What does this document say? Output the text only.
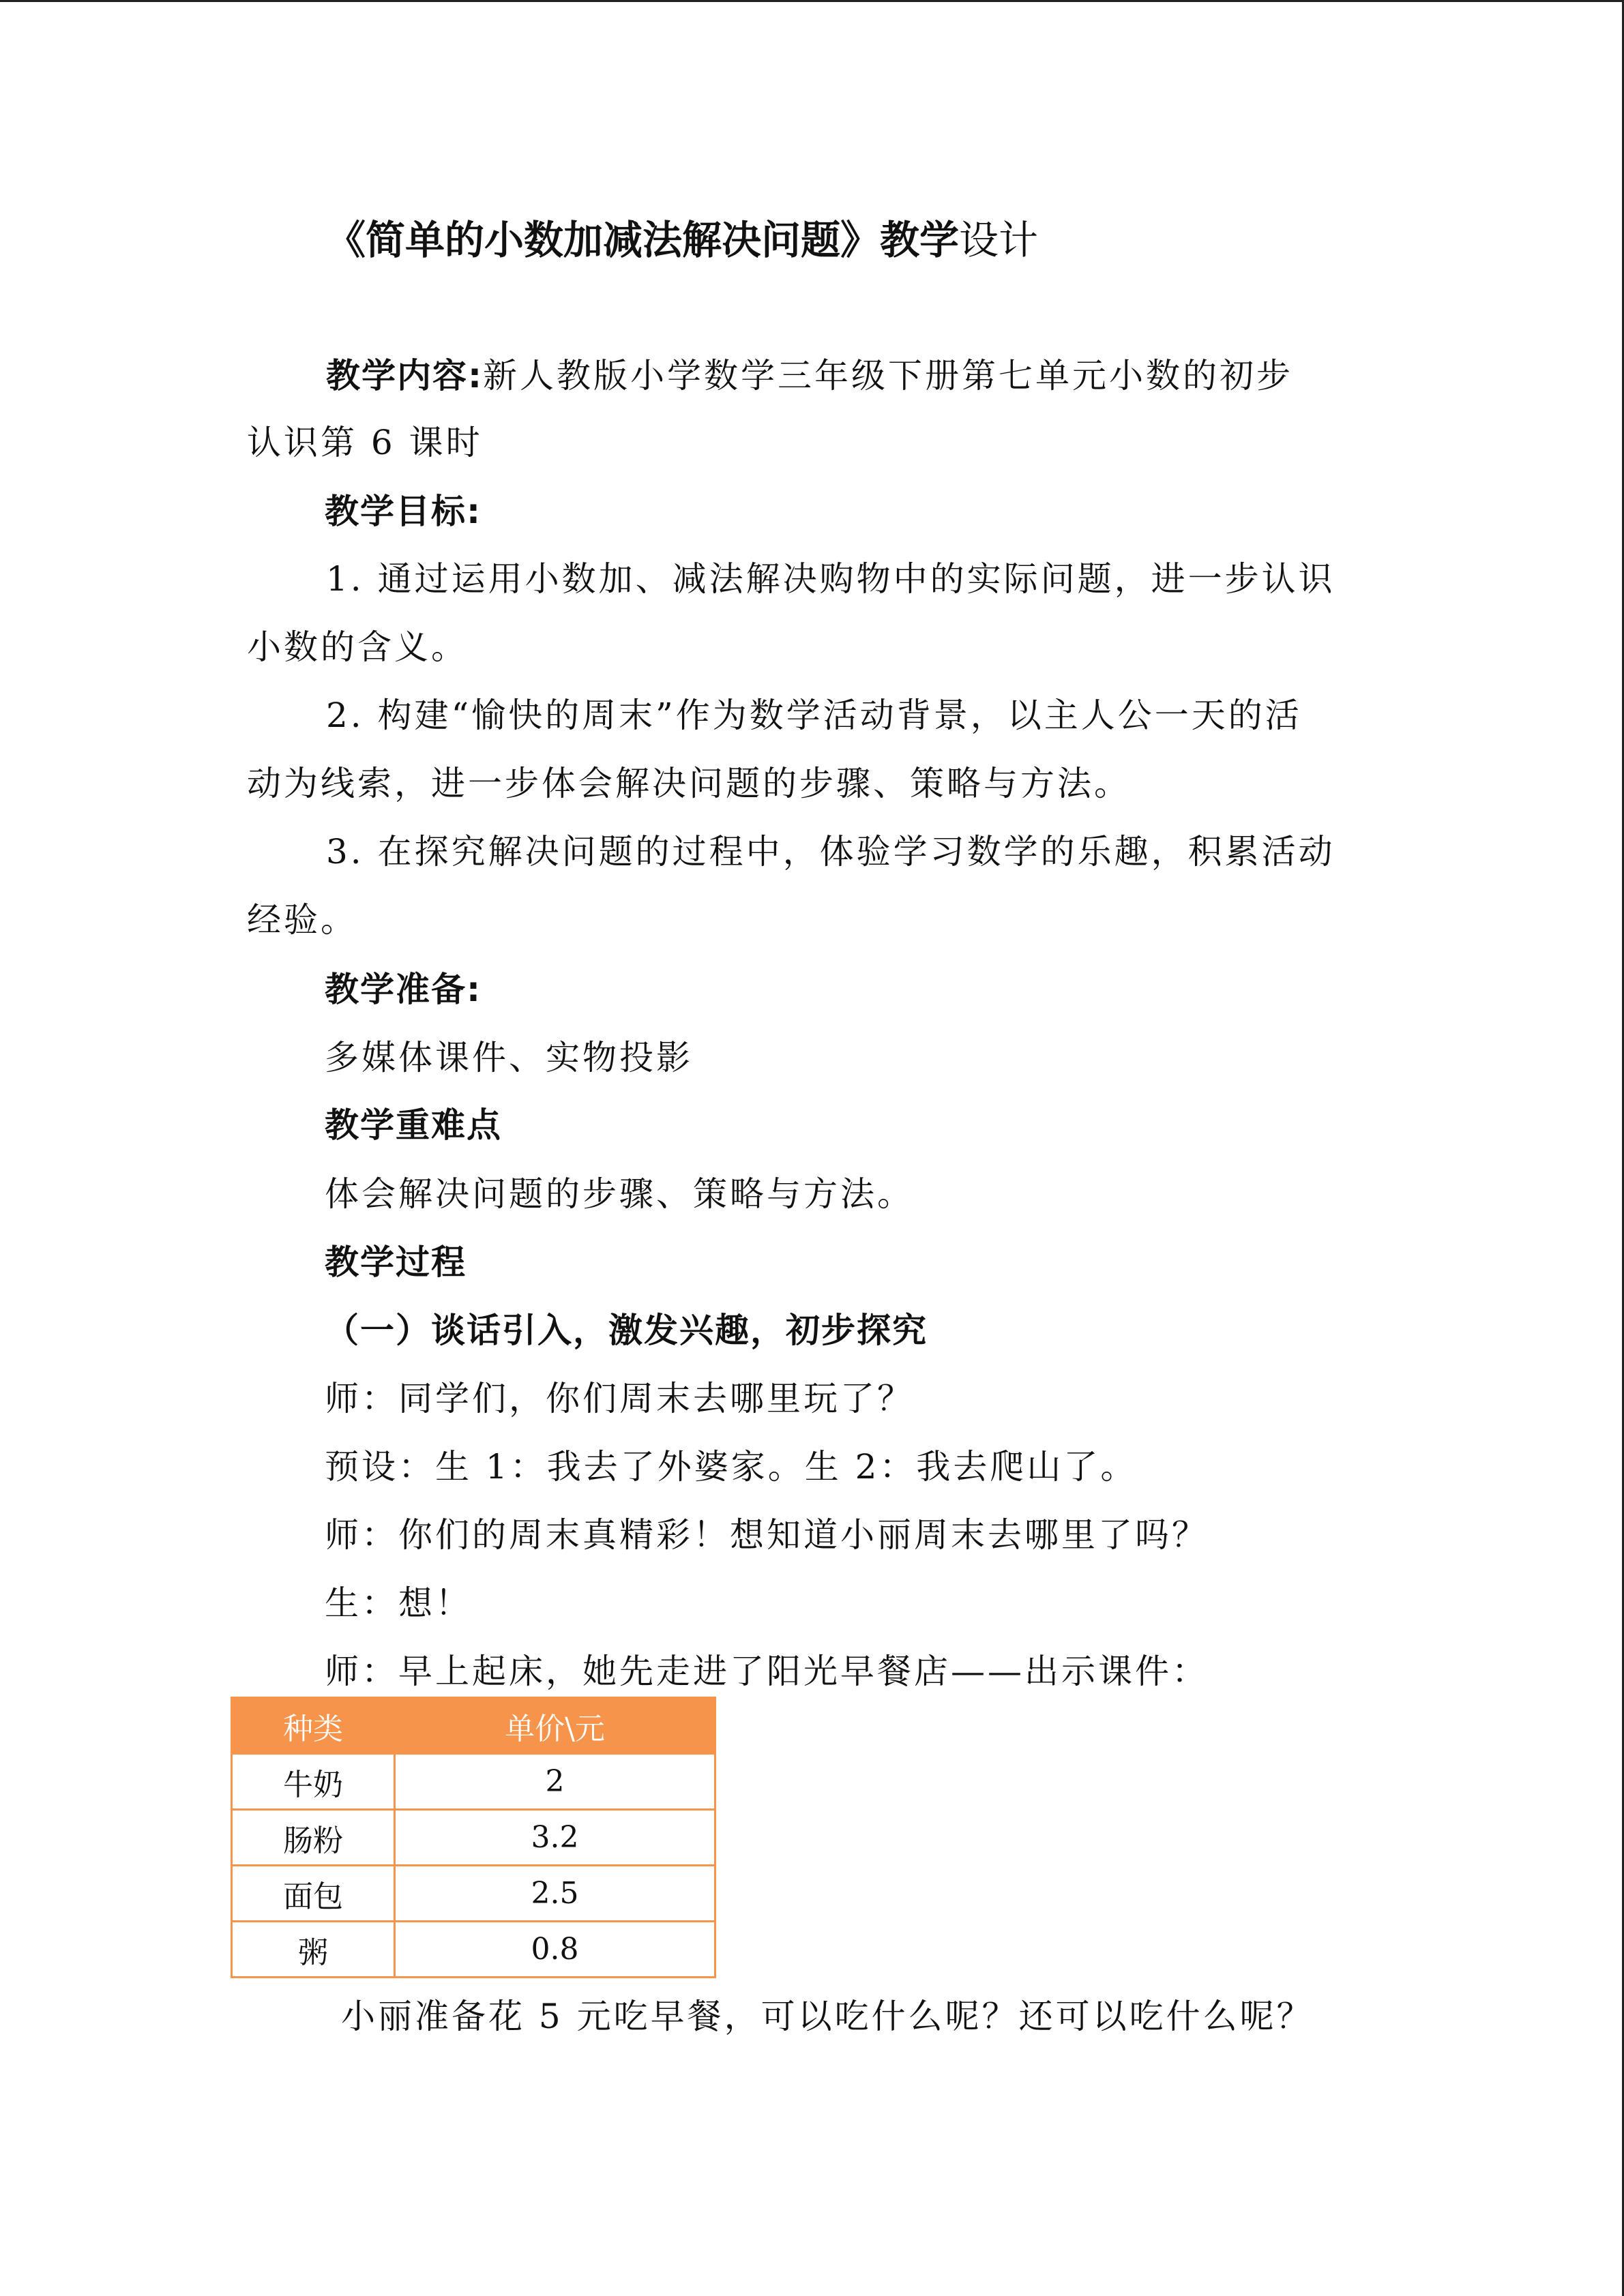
《简单的小数加减法解决问题》教学设计
教学内容:新人教版小学数学三年级下册第七单元小数的初步
认识第 6 课时
教学目标:
1. 通过运用小数加、减法解决购物中的实际问题，进一步认识
小数的含义。
2. 构建“愉快的周末”作为数学活动背景，以主人公一天的活
动为线索，进一步体会解决问题的步骤、策略与方法。
3. 在探究解决问题的过程中，体验学习数学的乐趣，积累活动
经验。
教学准备:
多媒体课件、实物投影
教学重难点
体会解决问题的步骤、策略与方法。
教学过程
（一）谈话引入，激发兴趣，初步探究
师：同学们，你们周末去哪里玩了？
预设：生 1：我去了外婆家。生 2：我去爬山了。
师：你们的周末真精彩！想知道小丽周末去哪里了吗？
生：想！
师：早上起床，她先走进了阳光早餐店——出示课件：
种类	单价\元
牛奶	2
肠粉	3.2
面包	2.5
粥	0.8
小丽准备花 5 元吃早餐，可以吃什么呢？还可以吃什么呢？
